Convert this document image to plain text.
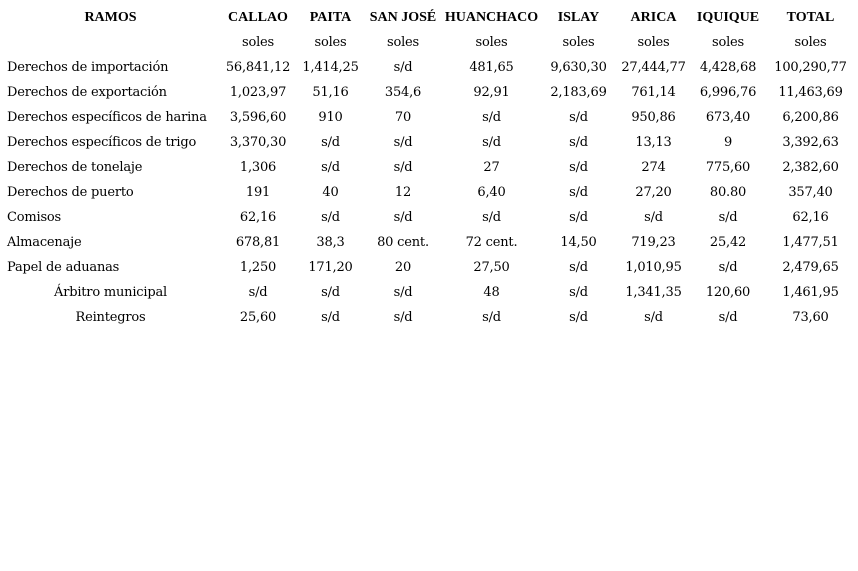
RAMOS	CALLAO	PAITA	SAN JOSÉ	HUANCHACO	ISLAY	ARICA	IQUIQUE	TOTAL
	soles	soles	soles	soles	soles	soles	soles	soles
Derechos de importación	56,841,12	1,414,25	s/d	481,65	9,630,30	27,444,77	4,428,68	100,290,77
Derechos de exportación	1,023,97	51,16	354,6	92,91	2,183,69	761,14	6,996,76	11,463,69
Derechos específicos de harina	3,596,60	910	70	s/d	s/d	950,86	673,40	6,200,86
Derechos específicos de trigo	3,370,30	s/d	s/d	s/d	s/d	13,13	9	3,392,63
Derechos de tonelaje	1,306	s/d	s/d	27	s/d	274	775,60	2,382,60
Derechos de puerto	191	40	12	6,40	s/d	27,20	80.80	357,40
Comisos	62,16	s/d	s/d	s/d	s/d	s/d	s/d	62,16
Almacenaje	678,81	38,3	80 cent.	72 cent.	14,50	719,23	25,42	1,477,51
Papel de aduanas	1,250	171,20	20	27,50	s/d	1,010,95	s/d	2,479,65
Árbitro municipal	s/d	s/d	s/d	48	s/d	1,341,35	120,60	1,461,95
Reintegros	25,60	s/d	s/d	s/d	s/d	s/d	s/d	73,60
